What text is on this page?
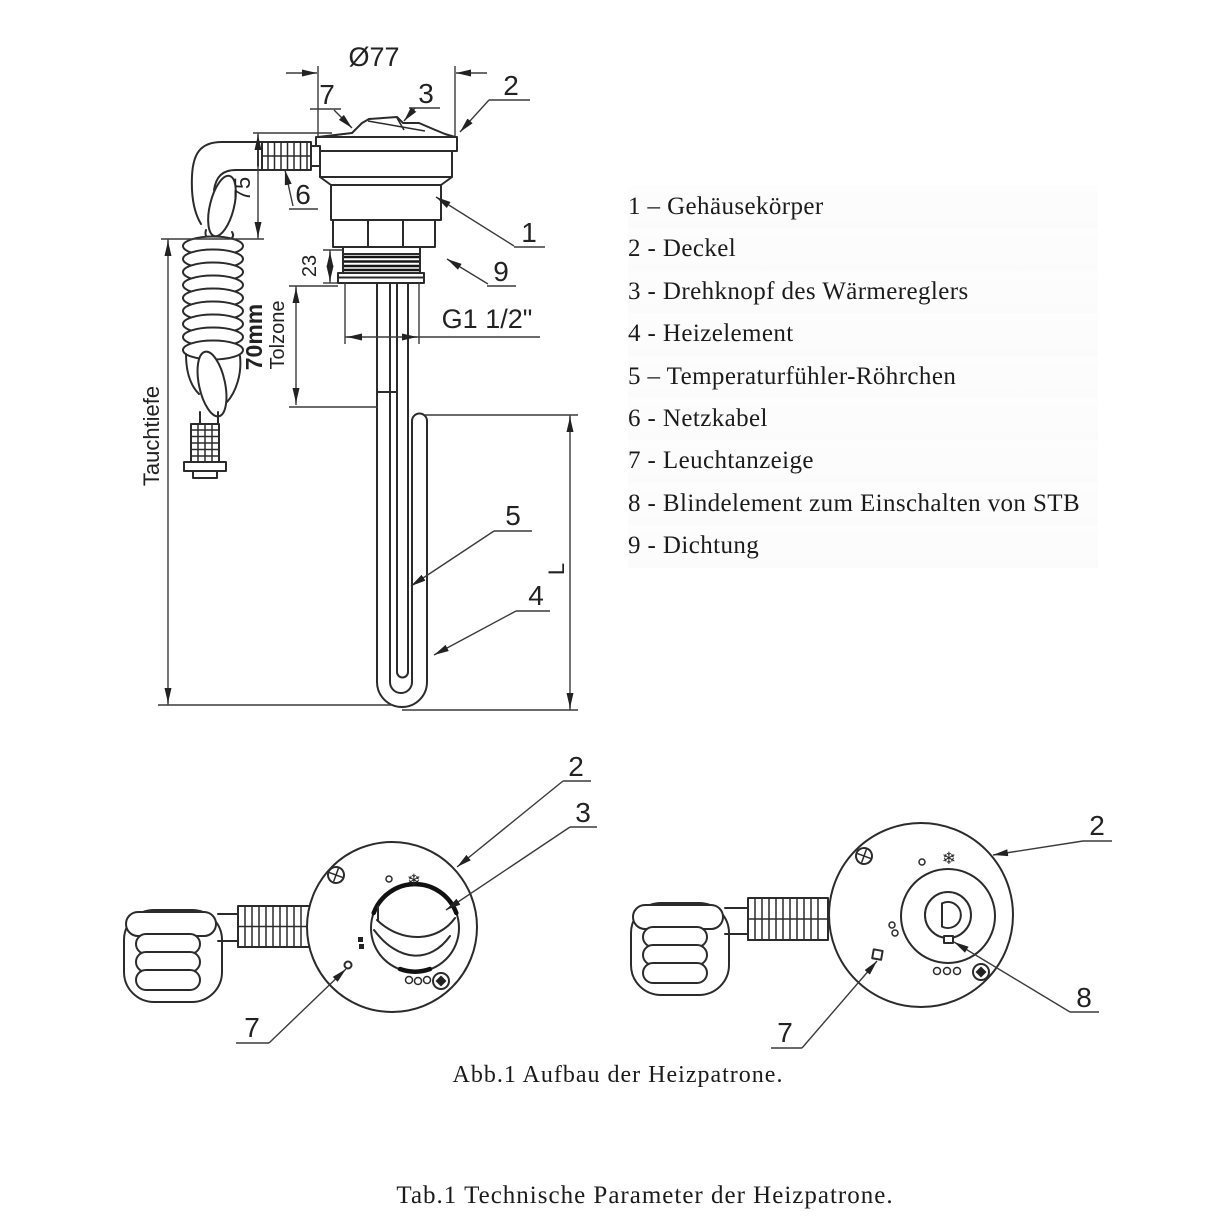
Ø77
75
Tauchtiefe
70mm Tolzone
23
G1 1/2"
L
7	3 2
6
1
9
5
4
❄
2
3
7
❄
2
8
7
1 – Gehäusekörper
2 - Deckel
3 - Drehknopf des Wärmereglers
4 - Heizelement
5 – Temperaturfühler-Röhrchen
6 - Netzkabel
7 - Leuchtanzeige
8 - Blindelement zum Einschalten von STB
9 - Dichtung
Abb.1 Aufbau der Heizpatrone.
Tab.1 Technische Parameter der Heizpatrone.
